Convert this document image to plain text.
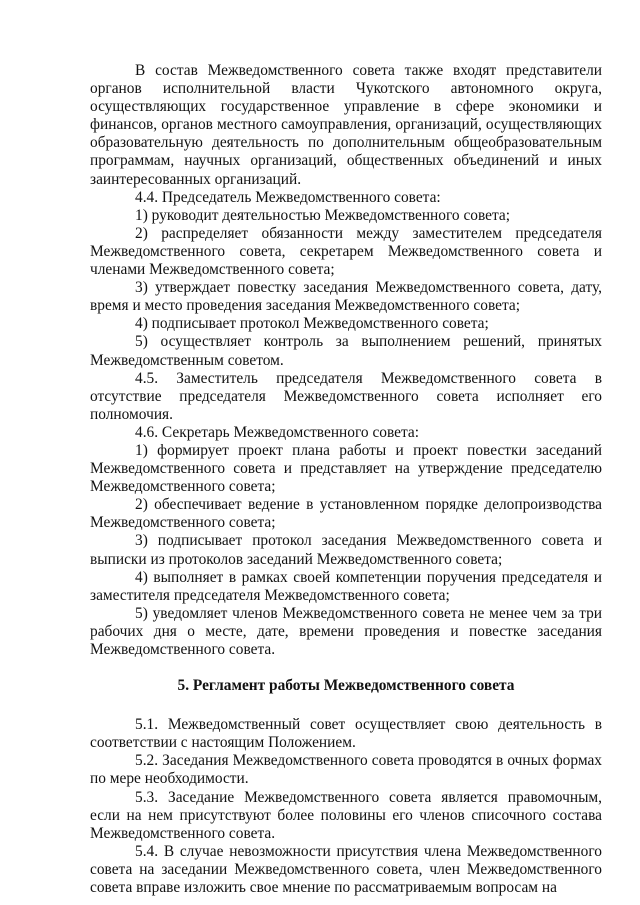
В состав Межведомственного совета также входят представители органов исполнительной власти Чукотского автономного округа, осуществляющих государственное управление в сфере экономики и финансов, органов местного самоуправления, организаций, осуществляющих образовательную деятельность по дополнительным общеобразовательным программам, научных организаций, общественных объединений и иных заинтересованных организаций.

4.4. Председатель Межведомственного совета:

1) руководит деятельностью Межведомственного совета;

2) распределяет обязанности между заместителем председателя Межведомственного совета, секретарем Межведомственного совета и членами Межведомственного совета;

3) утверждает повестку заседания Межведомственного совета, дату, время и место проведения заседания Межведомственного совета;

4) подписывает протокол Межведомственного совета;

5) осуществляет контроль за выполнением решений, принятых Межведомственным советом.

4.5. Заместитель председателя Межведомственного совета в отсутствие председателя Межведомственного совета исполняет его полномочия.

4.6. Секретарь Межведомственного совета:

1) формирует проект плана работы и проект повестки заседаний Межведомственного совета и представляет на утверждение председателю Межведомственного совета;

2) обеспечивает ведение в установленном порядке делопроизводства Межведомственного совета;

3) подписывает протокол заседания Межведомственного совета и выписки из протоколов заседаний Межведомственного совета;

4) выполняет в рамках своей компетенции поручения председателя и заместителя председателя Межведомственного совета;

5) уведомляет членов Межведомственного совета не менее чем за три рабочих дня о месте, дате, времени проведения и повестке заседания Межведомственного совета.

5. Регламент работы Межведомственного совета

5.1. Межведомственный совет осуществляет свою деятельность в соответствии с настоящим Положением.

5.2. Заседания Межведомственного совета проводятся в очных формах по мере необходимости.

5.3. Заседание Межведомственного совета является правомочным, если на нем присутствуют более половины его членов списочного состава Межведомственного совета.

5.4. В случае невозможности присутствия члена Межведомственного совета на заседании Межведомственного совета, член Межведомственного совета вправе изложить свое мнение по рассматриваемым вопросам на
